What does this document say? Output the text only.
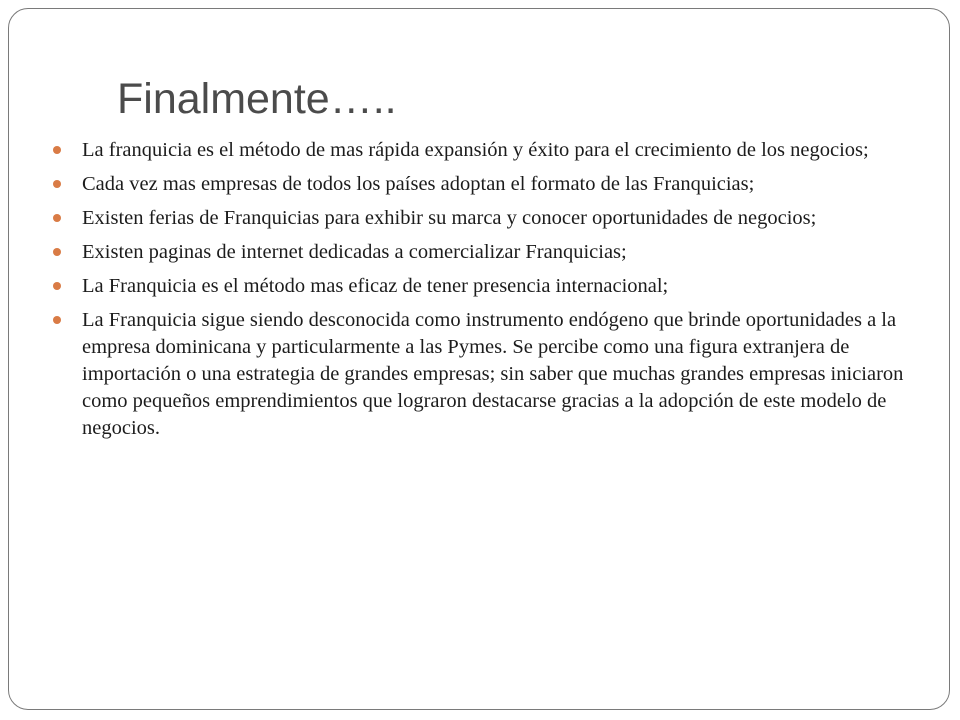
Finalmente…..
La franquicia es el método de mas rápida expansión y éxito para el crecimiento de los negocios;
Cada vez mas empresas de todos los países adoptan el formato de las Franquicias;
Existen ferias de Franquicias para exhibir su marca y conocer oportunidades de negocios;
Existen paginas de internet dedicadas a comercializar Franquicias;
La Franquicia es el método mas eficaz de tener presencia internacional;
La Franquicia sigue siendo desconocida como instrumento endógeno que brinde oportunidades a la empresa dominicana y particularmente a las Pymes. Se percibe como una figura extranjera de importación o una estrategia de grandes empresas; sin saber que muchas grandes empresas iniciaron como pequeños emprendimientos que lograron destacarse gracias a la adopción de este modelo de negocios.
